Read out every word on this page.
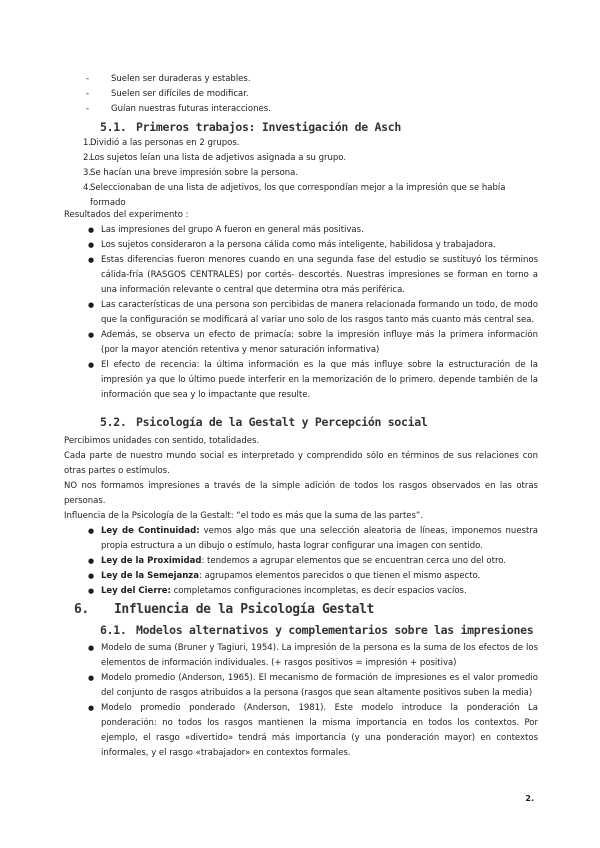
-	Suelen ser duraderas y estables.
-	Suelen ser difíciles de modificar.
-	Guían nuestras futuras interacciones.
5.1. Primeros trabajos: Investigación de Asch
1.
Dividió a las personas en 2 grupos.
2.
Los sujetos leían una lista de adjetivos asignada a su grupo.
3.
Se hacían una breve impresión sobre la persona.
4.
Seleccionaban de una lista de adjetivos, los que correspondían mejor a la impresión que se había formado
Resultados del experimento :
● Las impresiones del grupo A fueron en general más positivas.
● Los sujetos consideraron a la persona cálida como más inteligente, habilidosa y trabajadora.
● Estas diferencias fueron menores cuando en una segunda fase del estudio se sustituyó los términos cálida-fría (RASGOS CENTRALES) por cortés- descortés. Nuestras impresiones se forman en torno a una información relevante o central que determina otra más periférica.
● Las características de una persona son percibidas de manera relacionada formando un todo, de modo que la configuración se modificará al variar uno solo de los rasgos tanto más cuanto más central sea.
● Además, se observa un efecto de primacía: sobre la impresión influye más la primera información (por la mayor atención retentiva y menor saturación informativa)
● El efecto de recencia: la última información es la que más influye sobre la estructuración de la impresión ya que lo último puede interferir en la memorización de lo primero. depende también de la información que sea y lo impactante que resulte.
5.2. Psicología de la Gestalt y Percepción social
Percibimos unidades con sentido, totalidades.
Cada parte de nuestro mundo social es interpretado y comprendido sólo en términos de sus relaciones con otras partes o estímulos.
NO nos formamos impresiones a través de la simple adición de todos los rasgos observados en las otras personas.
Influencia de la Psicología de la Gestalt: “el todo es más que la suma de las partes”.
● Ley de Continuidad: vemos algo más que una selección aleatoria de líneas, imponemos nuestra propia estructura a un dibujo o estímulo, hasta lograr configurar una imagen con sentido.
● Ley de la Proximidad: tendemos a agrupar elementos que se encuentran cerca uno del otro.
● Ley de la Semejanza: agrupamos elementos parecidos o que tienen el mismo aspecto.
● Ley del Cierre: completamos configuraciones incompletas, es decir espacios vacíos.
6. Influencia de la Psicología Gestalt
6.1. Modelos alternativos y complementarios sobre las impresiones
● Modelo de suma (Bruner y Tagiuri, 1954). La impresión de la persona es la suma de los efectos de los elementos de información individuales. (+ rasgos positivos = impresión + positiva)
● Modelo promedio (Anderson, 1965). El mecanismo de formación de impresiones es el valor promedio del conjunto de rasgos atribuidos a la persona (rasgos que sean altamente positivos suben la media)
● Modelo promedio ponderado (Anderson, 1981). Este modelo introduce la ponderación La ponderación: no todos los rasgos mantienen la misma importancia en todos los contextos. Por ejemplo, el rasgo «divertido» tendrá más importancia (y una ponderación mayor) en contextos informales, y el rasgo «trabajador» en contextos formales.
2.
